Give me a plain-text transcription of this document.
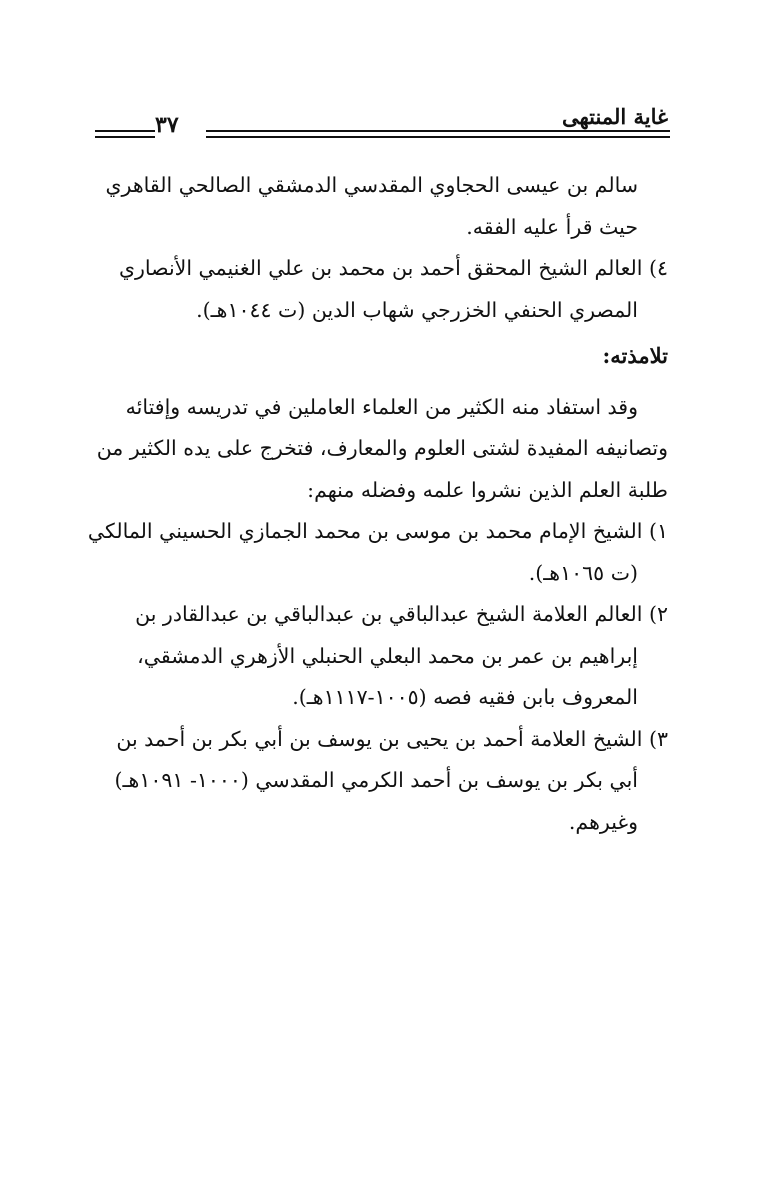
غاية المنتهى
٣٧

سالم بن عيسى الحجاوي المقدسي الدمشقي الصالحي القاهري

حيث قرأ عليه الفقه.

٤) العالم الشيخ المحقق أحمد بن محمد بن علي الغنيمي الأنصاري

المصري الحنفي الخزرجي شهاب الدين (ت ١٠٤٤هـ).

تلامذته:

وقد استفاد منه الكثير من العلماء العاملين في تدريسه وإفتائه

وتصانيفه المفيدة لشتى العلوم والمعارف، فتخرج على يده الكثير من

طلبة العلم الذين نشروا علمه وفضله منهم:

١) الشيخ الإمام محمد بن موسى بن محمد الجمازي الحسيني المالكي

(ت ١٠٦٥هـ).

٢) العالم العلامة الشيخ عبدالباقي بن عبدالباقي بن عبدالقادر بن

إبراهيم بن عمر بن محمد البعلي الحنبلي الأزهري الدمشقي،

المعروف بابن فقيه فصه (١٠٠٥-١١١٧هـ).

٣) الشيخ العلامة أحمد بن يحيى بن يوسف بن أبي بكر بن أحمد بن

أبي بكر بن يوسف بن أحمد الكرمي المقدسي (١٠٠٠- ١٠٩١هـ)

وغيرهم.
